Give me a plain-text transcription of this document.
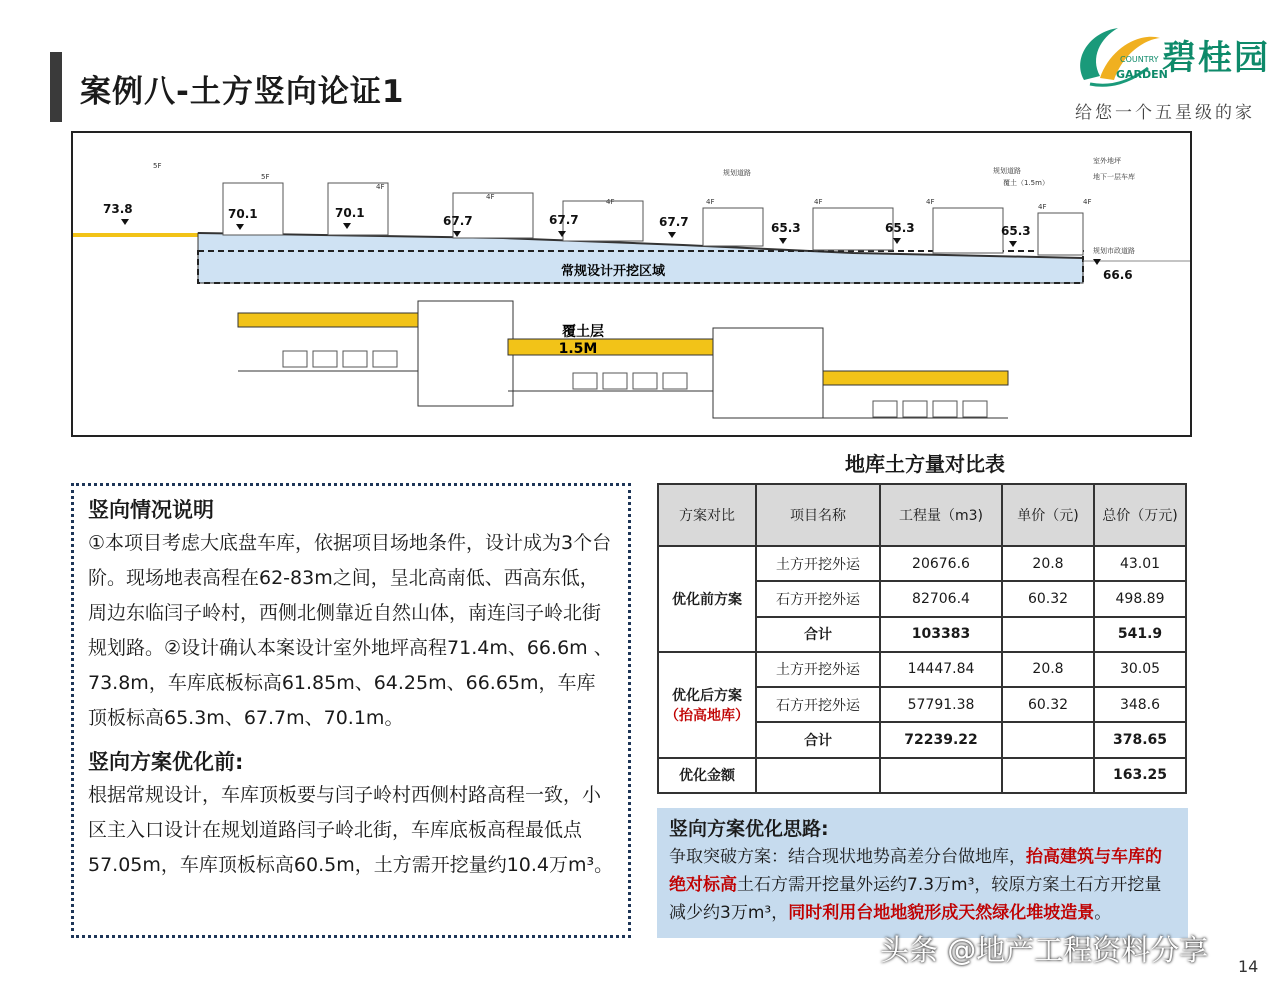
案例八-土方竖向论证1
碧桂园
COUNTRY
GARDEN
给您一个五星级的家
常规设计开挖区域
5F
5F
4F
4F
4F	4F	4F	4F
4F
4F
73.8	70.1	70.1
67.7	67.7	67.7	65.3	65.3	65.3
66.6
规划道路	规划道路
覆土（1.5m）
室外地坪
地下一层车库
规划市政道路
覆土层
1.5M
竖向情况说明

①本项目考虑大底盘车库，依据项目场地条件，设计成为3个台阶。现场地表高程在62-83m之间，呈北高南低、西高东低，周边东临闫子岭村，西侧北侧靠近自然山体，南连闫子岭北街规划路。②设计确认本案设计室外地坪高程71.4m、66.6m 、73.8m，车库底板标高61.85m、64.25m、66.65m，车库顶板标高65.3m、67.7m、70.1m。

竖向方案优化前:

根据常规设计，车库顶板要与闫子岭村西侧村路高程一致，小区主入口设计在规划道路闫子岭北街，车库底板高程最低点57.05m，车库顶板标高60.5m，土方需开挖量约10.4万m³。

地库土方量对比表
方案对比	项目名称	工程量（m3)	单价（元)	总价（万元)
优化前方案	土方开挖外运	20676.6	20.8	43.01
	石方开挖外运	82706.4	60.32	498.89
	合计	103383		541.9
优化后方案
（抬高地库）	土方开挖外运	14447.84	20.8	30.05
	石方开挖外运	57791.38	60.32	348.6
	合计	72239.22		378.65
优化金额				163.25
竖向方案优化思路:

争取突破方案：结合现状地势高差分台做地库，抬高建筑与车库的绝对标高土石方需开挖量外运约7.3万m³，较原方案土石方开挖量减少约3万m³，同时利用台地地貌形成天然绿化堆坡造景。

头条 @地产工程资料分享 14
